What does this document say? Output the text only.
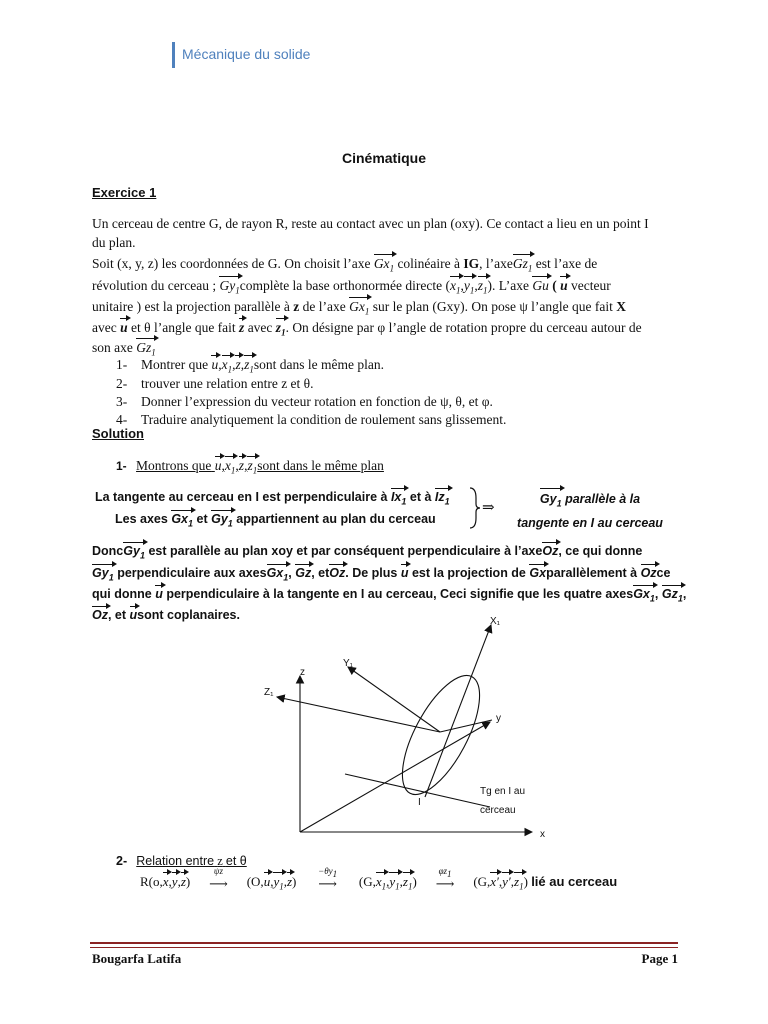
Mécanique du solide
Cinématique
Exercice 1
Un cerceau de centre G, de rayon R, reste au contact avec un plan (oxy). Ce contact a lieu en un point I
du plan.
Soit (x, y, z) les coordonnées de G. On choisit l’axe $Gx_1$ colinéaire à IG, l’axeGz$_1$ est l’axe de
révolution du cerceau ; $Gy_1complète$ la base orthonormée directe $(x_1,y_1,z_1)$. L’axe Gu ( u vecteur
unitaire ) est la projection parallèle à z de l’axe $Gx_1$ sur le plan (Gxy). On pose ψ l’angle que fait X
avec u et θ l’angle que fait z avec $z_1$. On désigne par φ l’angle de rotation propre du cerceau autour de
son axe $Gz_1$
1- Montrer que $u,x_1,z,z_1sont$ dans le même plan.
2- trouver une relation entre z et θ.
3- Donner l’expression du vecteur rotation en fonction de ψ, θ, et φ.
4- Traduire analytiquement la condition de roulement sans glissement.
Solution
1- Montrons que $u,x_1,z,z_1sont$ dans le même plan
La tangente au cerceau en I est perpendiculaire à $Ix_1$ et à $Iz_1$
Les axes $Gx_1$ et $Gy_1$ appartiennent au plan du cerceau
⇒
$Gy_1$ parallèle à la
tangente en I au cerceau
DoncGy$_1$ est parallèle au plan xoy et par conséquent perpendiculaire à l’axeOz, ce qui donne
$Gy_1$ perpendiculaire aux axesGx$_1$, Gz, etOz. De plus u est la projection de Gxparallèlement à Ozce
qui donne u perpendiculaire à la tangente en I au cerceau, Ceci signifie que les quatre axesGx$_1$, $Gz_1$,
Oz, et usont coplanaires.	X₁
Y₁
z
Z₁
y
I
Tg en I au
cerceau
x
2- Relation entre z et θ
R(o,x,y,z)
ψz
⟶ $(O,u,y_1,z)$
$-\theta y_1$
⟶ $(G,x_1,y_1,z_1)$
$\varphi z_1$
⟶ $(G,x',y',z_1)$ lié au cerceau
Bougarfa Latifa	Page 1
